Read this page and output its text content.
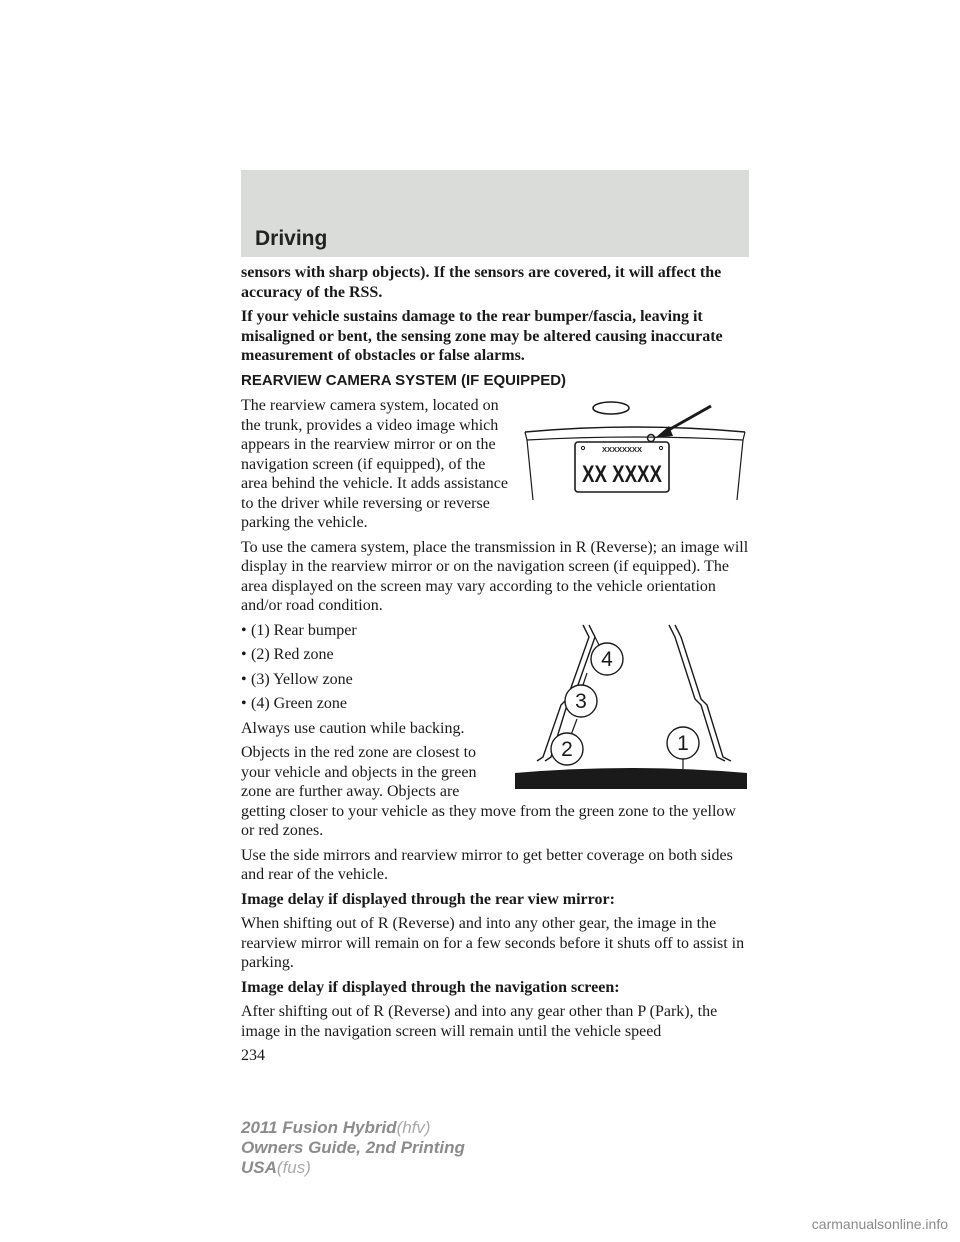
Driving

sensors with sharp objects). If the sensors are covered, it will affect the accuracy of the RSS.

If your vehicle sustains damage to the rear bumper/fascia, leaving it misaligned or bent, the sensing zone may be altered causing inaccurate measurement of obstacles or false alarms.

REARVIEW CAMERA SYSTEM (IF EQUIPPED)
XXXXXXXX
XX XXXX

The rearview camera system, located on the trunk, provides a video image which appears in the rearview mirror or on the navigation screen (if equipped), of the area behind the vehicle. It adds assistance to the driver while reversing or reverse parking the vehicle.

To use the camera system, place the transmission in R (Reverse); an image will display in the rearview mirror or on the navigation screen (if equipped). The area displayed on the screen may vary according to the vehicle orientation and/or road condition.

1
2
3
4
• (1) Rear bumper
• (2) Red zone
• (3) Yellow zone
• (4) Green zone

Always use caution while backing.

Objects in the red zone are closest to your vehicle and objects in the green zone are further away. Objects are getting closer to your vehicle as they move from the green zone to the yellow or red zones.

Use the side mirrors and rearview mirror to get better coverage on both sides and rear of the vehicle.

Image delay if displayed through the rear view mirror:

When shifting out of R (Reverse) and into any other gear, the image in the rearview mirror will remain on for a few seconds before it shuts off to assist in parking.

Image delay if displayed through the navigation screen:

After shifting out of R (Reverse) and into any gear other than P (Park), the image in the navigation screen will remain until the vehicle speed

234
2011 Fusion Hybrid(hfv)
Owners Guide, 2nd Printing
USA(fus)
carmanualsonline.info
